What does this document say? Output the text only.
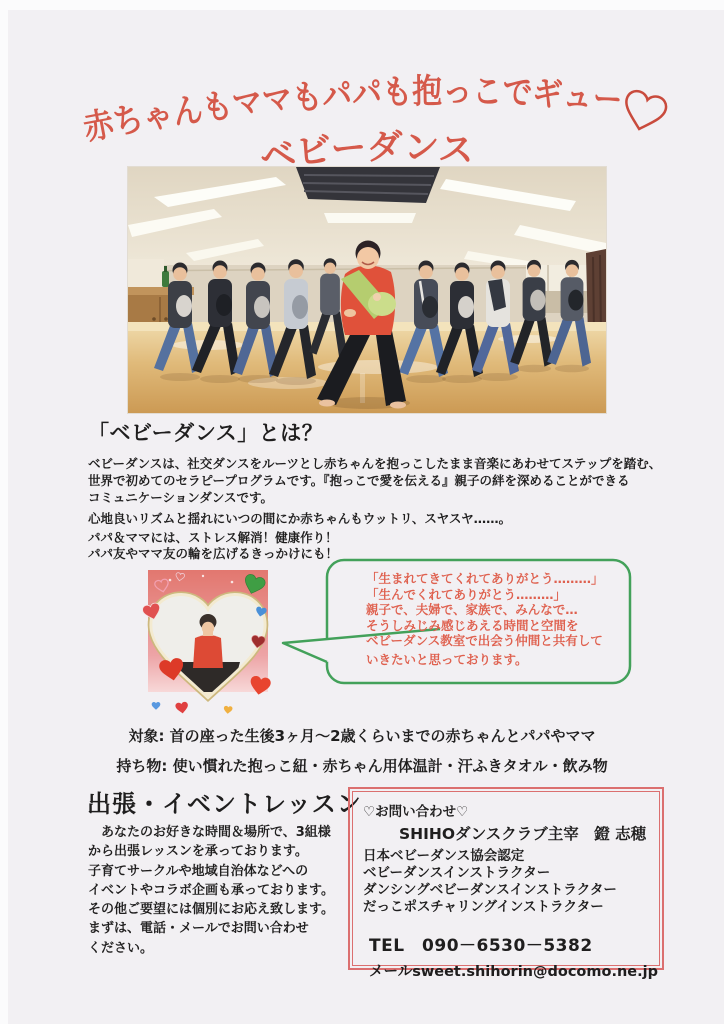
赤ちゃんもママもパパも抱っこでギュー
ベビーダンス
「ベビーダンス」とは？
ベビーダンスは、社交ダンスをルーツとし赤ちゃんを抱っこしたまま音楽にあわせてステップを踏む、
世界で初めてのセラピープログラムです。『抱っこで愛を伝える』親子の絆を深めることができる
コミュニケーションダンスです。
心地良いリズムと揺れにいつの間にか赤ちゃんもウットリ、スヤスヤ……。
パパ＆ママには、ストレス解消！健康作り！
パパ友やママ友の輪を広げるきっかけにも！
「生まれてきてくれてありがとう………」
「生んでくれてありがとう………」
親子で、夫婦で、家族で、みんなで…
そうしみじみ感じあえる時間と空間を
ベビーダンス教室で出会う仲間と共有して
いきたいと思っております。
対象: 首の座った生後3ヶ月～2歳くらいまでの赤ちゃんとパパやママ
持ち物: 使い慣れた抱っこ紐・赤ちゃん用体温計・汗ふきタオル・飲み物
出張・イベントレッスン
　あなたのお好きな時間＆場所で、3組様
から出張レッスンを承っております。
子育てサークルや地域自治体などへの
イベントやコラボ企画も承っております。
その他ご要望には個別にお応え致します。
まずは、電話・メールでお問い合わせ
ください。
♡お問い合わせ♡
SHIHOダンスクラブ主宰　鐙 志穂
日本ベビーダンス協会認定
ベビーダンスインストラクター
ダンシングベビーダンスインストラクター
だっこポスチャリングインストラクター
TEL　090－6530－5382
メールsweet.shihorin@docomo.ne.jp
